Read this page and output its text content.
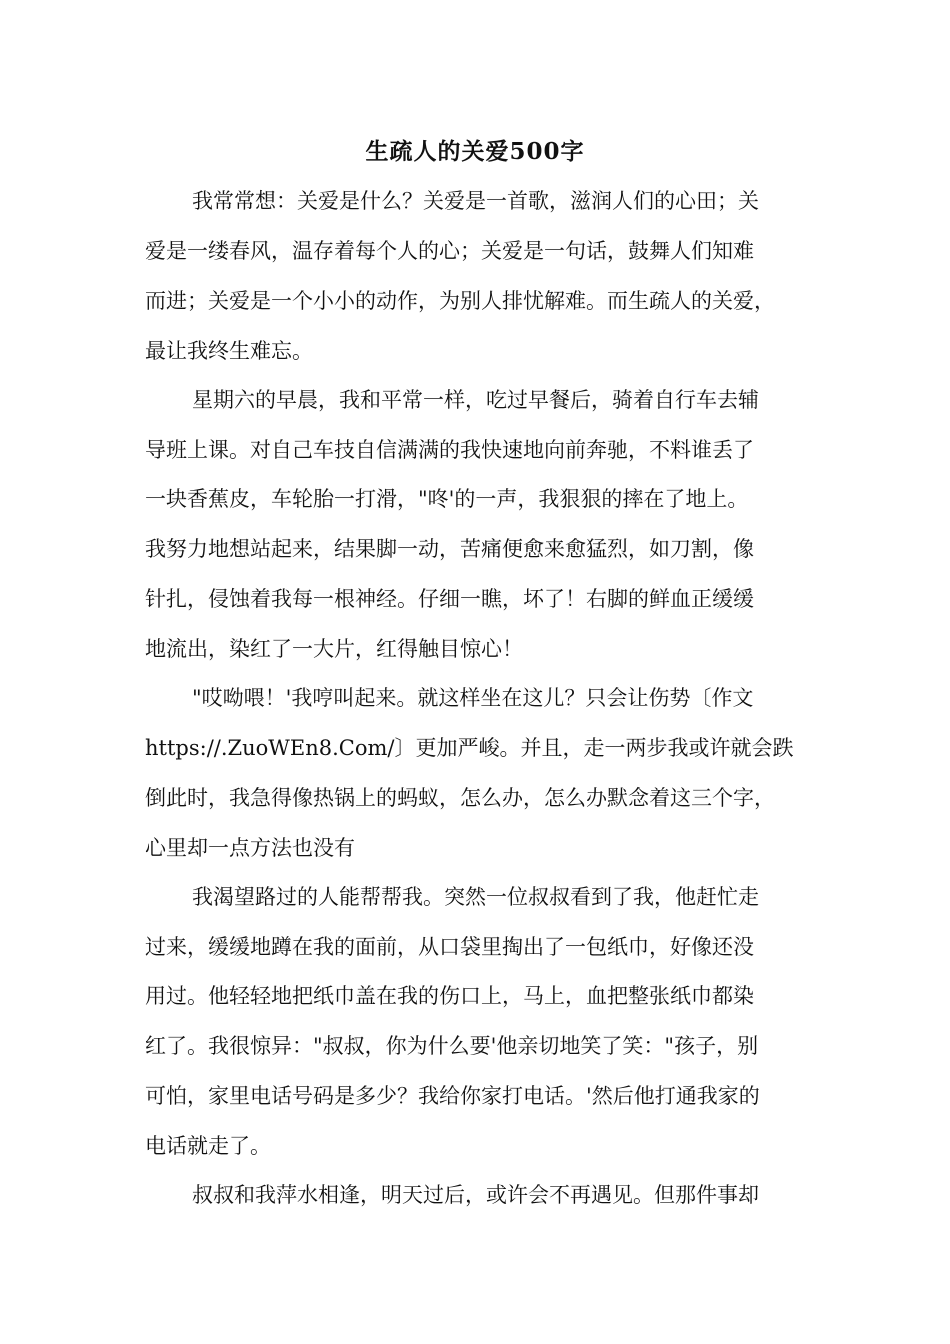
生疏人的关爱500字
我常常想：关爱是什么？关爱是一首歌，滋润人们的心田；关
爱是一缕春风，温存着每个人的心；关爱是一句话，鼓舞人们知难
而进；关爱是一个小小的动作，为别人排忧解难。而生疏人的关爱，
最让我终生难忘。
星期六的早晨，我和平常一样，吃过早餐后，骑着自行车去辅
导班上课。对自己车技自信满满的我快速地向前奔驰，不料谁丢了
一块香蕉皮，车轮胎一打滑，"咚'的一声，我狠狠的摔在了地上。
我努力地想站起来，结果脚一动，苦痛便愈来愈猛烈，如刀割，像
针扎，侵蚀着我每一根神经。仔细一瞧，坏了！右脚的鲜血正缓缓
地流出，染红了一大片，红得触目惊心！
"哎呦喂！'我哼叫起来。就这样坐在这儿？只会让伤势〔作文
https://.ZuoWEn8.Com/〕更加严峻。并且，走一两步我或许就会跌
倒此时，我急得像热锅上的蚂蚁，怎么办，怎么办默念着这三个字，
心里却一点方法也没有
我渴望路过的人能帮帮我。突然一位叔叔看到了我，他赶忙走
过来，缓缓地蹲在我的面前，从口袋里掏出了一包纸巾，好像还没
用过。他轻轻地把纸巾盖在我的伤口上，马上，血把整张纸巾都染
红了。我很惊异："叔叔，你为什么要'他亲切地笑了笑："孩子，别
可怕，家里电话号码是多少？我给你家打电话。'然后他打通我家的
电话就走了。
叔叔和我萍水相逢，明天过后，或许会不再遇见。但那件事却
